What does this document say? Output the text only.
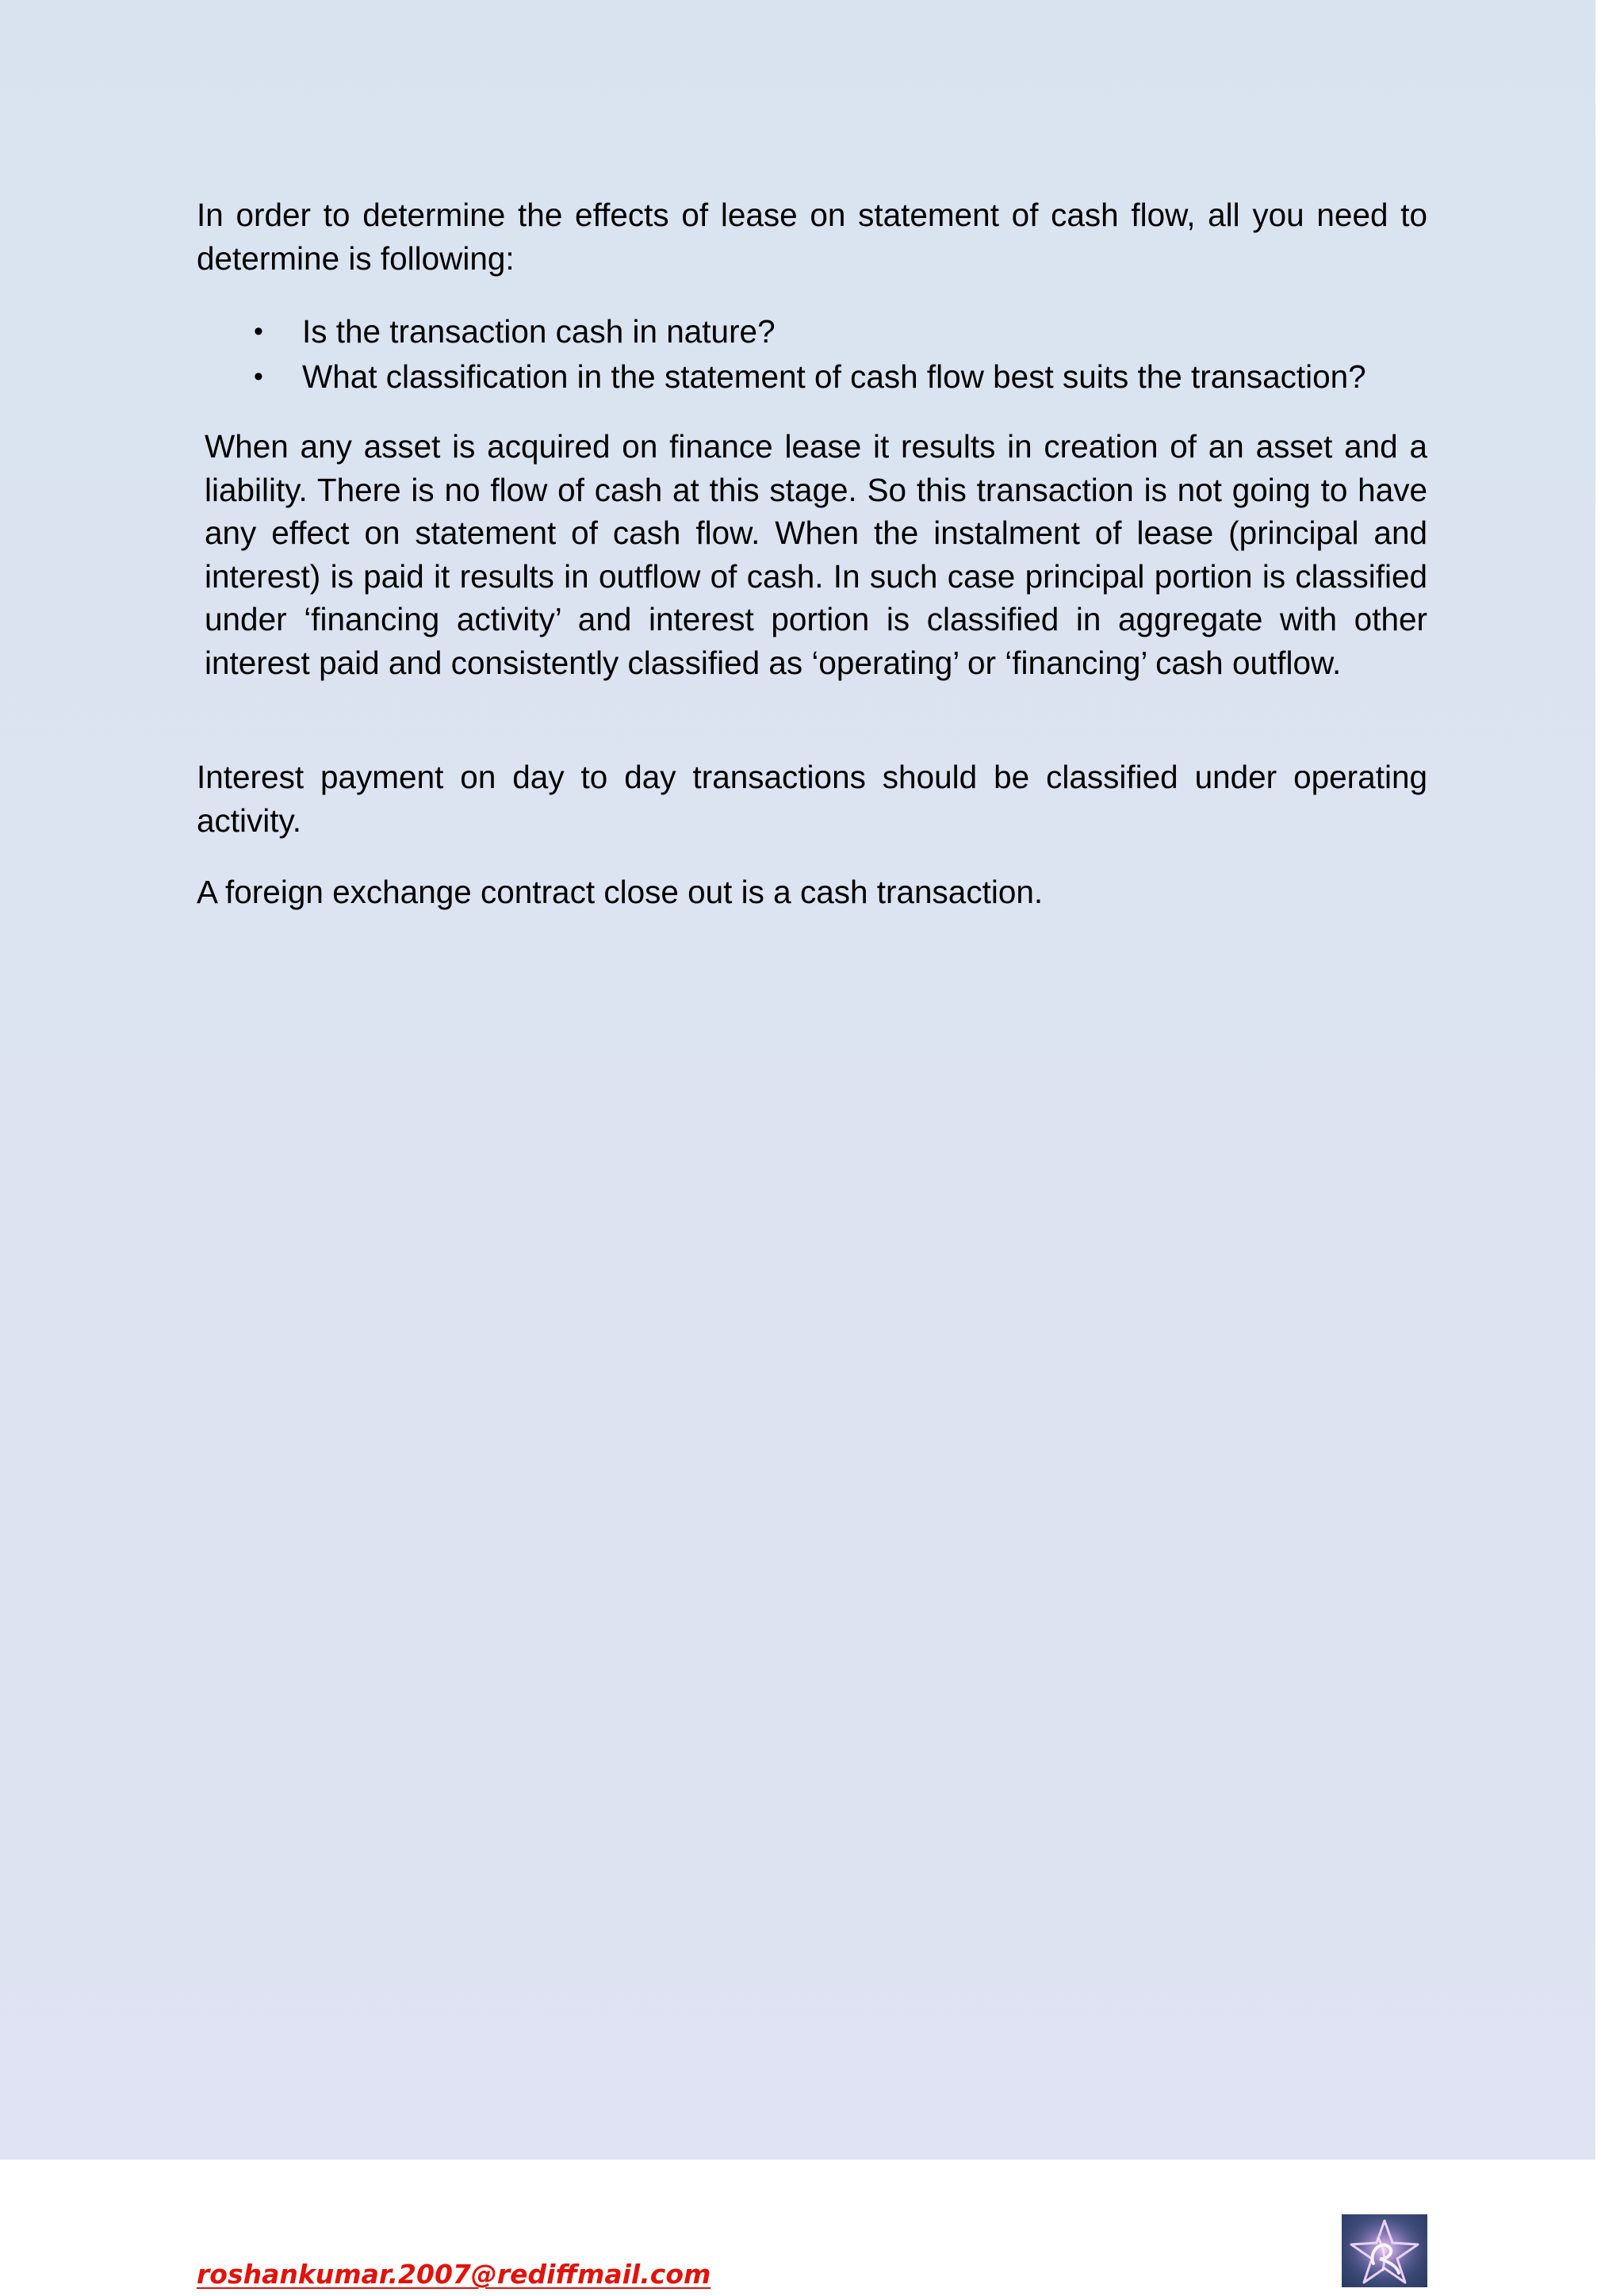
In order to determine the effects of lease on statement of cash flow, all you need to determine is following:

• Is the transaction cash in nature?
• What classification in the statement of cash flow best suits the transaction?

When any asset is acquired on finance lease it results in creation of an asset and a liability. There is no flow of cash at this stage. So this transaction is not going to have any effect on statement of cash flow. When the instalment of lease (principal and interest) is paid it results in outflow of cash. In such case principal portion is classified under ‘financing activity’ and interest portion is classified in aggregate with other interest paid and consistently classified as ‘operating’ or ‘financing’ cash outflow.

Interest payment on day to day transactions should be classified under operating activity.

A foreign exchange contract close out is a cash transaction.

roshankumar.2007@rediffmail.com
